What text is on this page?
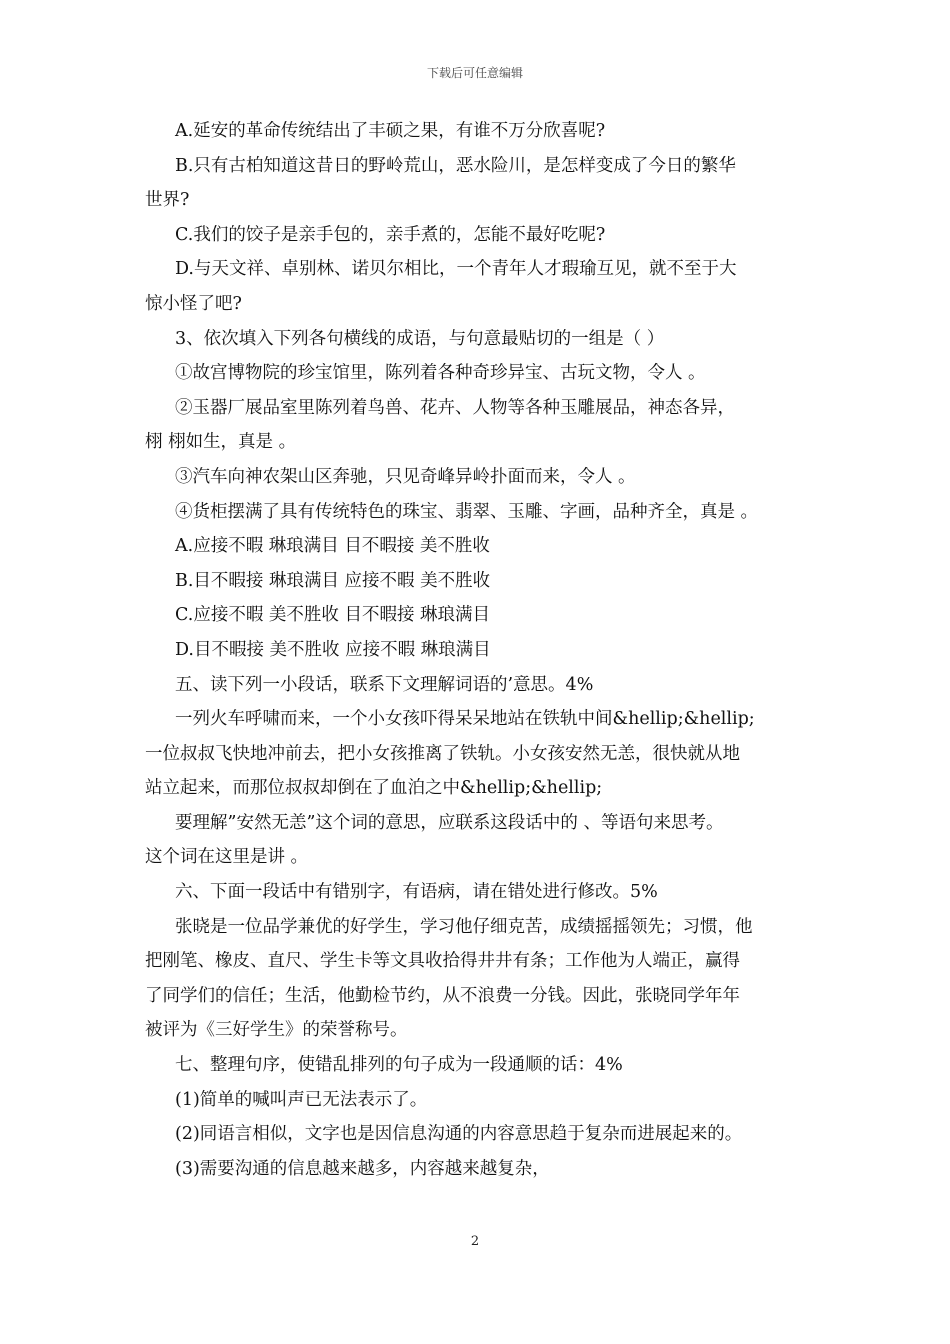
下载后可任意编辑
A.延安的革命传统结出了丰硕之果，有谁不万分欣喜呢?
B.只有古柏知道这昔日的野岭荒山，恶水险川，是怎样变成了今日的繁华
世界?
C.我们的饺子是亲手包的，亲手煮的，怎能不最好吃呢?
D.与天文祥、卓别林、诺贝尔相比，一个青年人才瑕瑜互见，就不至于大
惊小怪了吧?
3、依次填入下列各句横线的成语，与句意最贴切的一组是（ ）
①故宫博物院的珍宝馆里，陈列着各种奇珍异宝、古玩文物，令人 。
②玉器厂展品室里陈列着鸟兽、花卉、人物等各种玉雕展品，神态各异，
栩 栩如生，真是 。
③汽车向神农架山区奔驰，只见奇峰异岭扑面而来，令人 。
④货柜摆满了具有传统特色的珠宝、翡翠、玉雕、字画，品种齐全，真是 。
A.应接不暇 琳琅满目 目不暇接 美不胜收
B.目不暇接 琳琅满目 应接不暇 美不胜收
C.应接不暇 美不胜收 目不暇接 琳琅满目
D.目不暇接 美不胜收 应接不暇 琳琅满目
五、读下列一小段话，联系下文理解词语的’意思。4%
一列火车呼啸而来，一个小女孩吓得呆呆地站在铁轨中间&hellip;&hellip;
一位叔叔飞快地冲前去，把小女孩推离了铁轨。小女孩安然无恙，很快就从地
站立起来，而那位叔叔却倒在了血泊之中&hellip;&hellip;
要理解”安然无恙”这个词的意思，应联系这段话中的 、等语句来思考。
这个词在这里是讲 。
六、下面一段话中有错别字，有语病，请在错处进行修改。5%
张晓是一位品学兼优的好学生，学习他仔细克苦，成绩摇摇领先；习惯，他
把刚笔、橡皮、直尺、学生卡等文具收拾得井井有条；工作他为人端正，赢得
了同学们的信任；生活，他勤检节约，从不浪费一分钱。因此，张晓同学年年
被评为《三好学生》的荣誉称号。
七、整理句序，使错乱排列的句子成为一段通顺的话：4%
(1)简单的喊叫声已无法表示了。
(2)同语言相似，文字也是因信息沟通的内容意思趋于复杂而进展起来的。
(3)需要沟通的信息越来越多，内容越来越复杂，
2
